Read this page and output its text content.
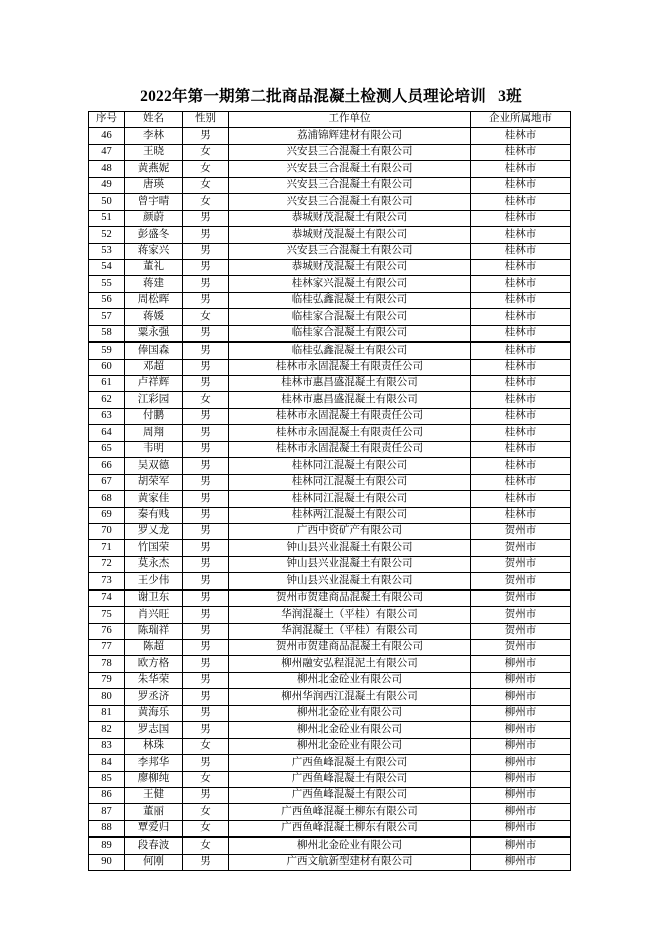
2022年第一期第二批商品混凝土检测人员理论培训   3班
序号	姓名	性别	工作单位	企业所属地市
46	李林	男	荔浦锦辉建材有限公司	桂林市
47	王晓	女	兴安县三合混凝土有限公司	桂林市
48	黄燕妮	女	兴安县三合混凝土有限公司	桂林市
49	唐瑛	女	兴安县三合混凝土有限公司	桂林市
50	曾宇晴	女	兴安县三合混凝土有限公司	桂林市
51	颜蔚	男	恭城财茂混凝土有限公司	桂林市
52	彭盛冬	男	恭城财茂混凝土有限公司	桂林市
53	蒋家兴	男	兴安县三合混凝土有限公司	桂林市
54	董礼	男	恭城财茂混凝土有限公司	桂林市
55	蒋建	男	桂林家兴混凝土有限公司	桂林市
56	周松晖	男	临桂弘鑫混凝土有限公司	桂林市
57	蒋媛	女	临桂家合混凝土有限公司	桂林市
58	粟永强	男	临桂家合混凝土有限公司	桂林市
59	俸国森	男	临桂弘鑫混凝土有限公司	桂林市
60	邓超	男	桂林市永固混凝土有限责任公司	桂林市
61	卢祥辉	男	桂林市惠昌盛混凝土有限公司	桂林市
62	江彩园	女	桂林市惠昌盛混凝土有限公司	桂林市
63	付鹏	男	桂林市永固混凝土有限责任公司	桂林市
64	周翔	男	桂林市永固混凝土有限责任公司	桂林市
65	韦明	男	桂林市永固混凝土有限责任公司	桂林市
66	吴双德	男	桂林同江混凝土有限公司	桂林市
67	胡荣军	男	桂林同江混凝土有限公司	桂林市
68	黄家佳	男	桂林同江混凝土有限公司	桂林市
69	秦有贱	男	桂林两江混凝土有限公司	桂林市
70	罗乂龙	男	广西中资矿产有限公司	贺州市
71	竹国荣	男	钟山县兴业混凝土有限公司	贺州市
72	莫永杰	男	钟山县兴业混凝土有限公司	贺州市
73	王少伟	男	钟山县兴业混凝土有限公司	贺州市
74	谢卫东	男	贺州市贺建商品混凝土有限公司	贺州市
75	肖兴旺	男	华润混凝土（平桂）有限公司	贺州市
76	陈瑞祥	男	华润混凝土（平桂）有限公司	贺州市
77	陈超	男	贺州市贺建商品混凝土有限公司	贺州市
78	欧方格	男	柳州融安弘程混泥土有限公司	柳州市
79	朱华荣	男	柳州北金砼业有限公司	柳州市
80	罗丞济	男	柳州华润西江混凝土有限公司	柳州市
81	黄海乐	男	柳州北金砼业有限公司	柳州市
82	罗志国	男	柳州北金砼业有限公司	柳州市
83	林珠	女	柳州北金砼业有限公司	柳州市
84	李邦华	男	广西鱼峰混凝土有限公司	柳州市
85	廖柳纯	女	广西鱼峰混凝土有限公司	柳州市
86	王健	男	广西鱼峰混凝土有限公司	柳州市
87	董丽	女	广西鱼峰混凝土柳东有限公司	柳州市
88	覃爱归	女	广西鱼峰混凝土柳东有限公司	柳州市
89	段春波	女	柳州北金砼业有限公司	柳州市
90	何刚	男	广西文航新型建材有限公司	柳州市
